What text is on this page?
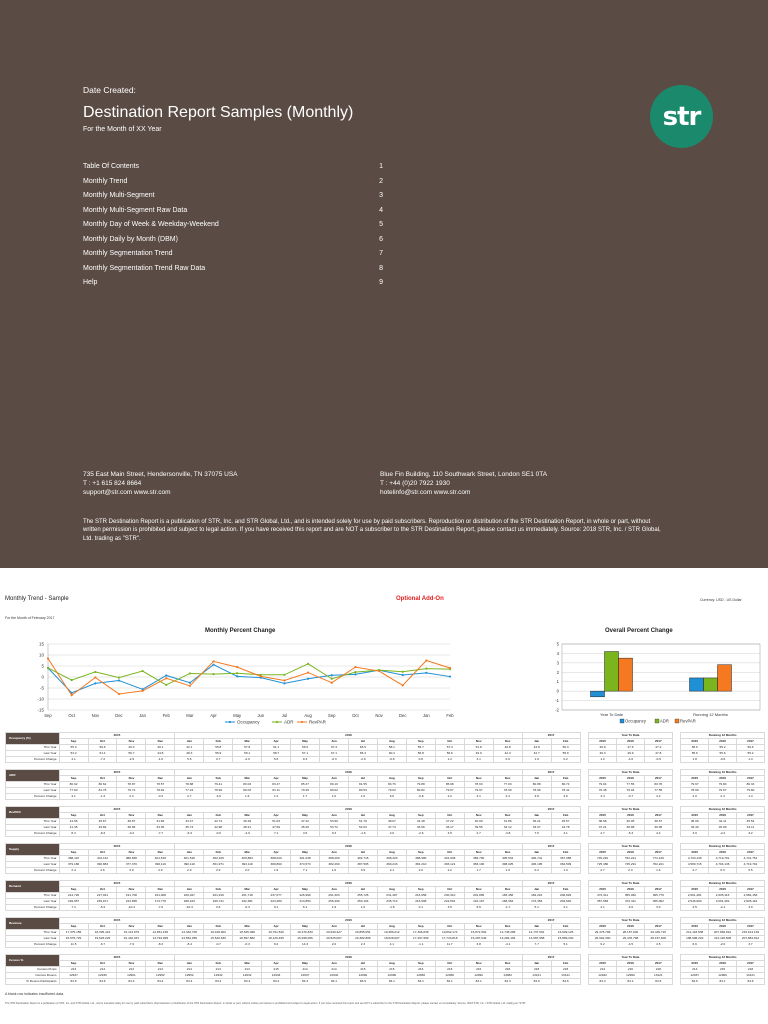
Date Created:
Destination Report Samples (Monthly)
For the Month of XX Year	str
Table Of Contents	1
Monthly Trend	2
Monthly Multi-Segment	3
Monthly Multi-Segment Raw Data	4
Monthly Day of Week & Weekday-Weekend	5
Monthly Daily by Month (DBM)	6
Monthly Segmentation Trend	7
Monthly Segmentation Trend Raw Data	8
Help	9
735 East Main Street, Hendersonville, TN 37075 USA
T : +1 615 824 8664
support@str.com www.str.com
Blue Fin Building, 110 Southwark Street, London SE1 0TA
T : +44 (0)20 7922 1930
hotelinfo@str.com www.str.com
The STR Destination Report is a publication of STR, Inc. and STR Global, Ltd., and is intended solely for use by paid subscribers. Reproduction or distribution of the STR Destination Report, in whole or part, without written permission is prohibited and subject to legal action. If you have received this report and are NOT a subscriber to the STR Destination Report, please contact us immediately. Source: 2018 STR, Inc. / STR Global, Ltd. trading as "STR".
Monthly Trend - Sample	Optional Add-On	Currency: USD - US Dollar
For the Month of February 2017
Monthly Percent Change	Overall Percent Change
15
10
5
0
-5
-10
-15
Sep	Oct	Nov	Dec	Jan	Feb	Mar	Apr	May	Jun	Jul	Aug	Sep	Oct	Nov	Dec	Jan	Feb
Occupancy	ADR	RevPAR
5
4
3
2
1
0
-1
-2
Year To Date	Running 12 Months
Occupancy	ADR	RevPAR
Occupancy (%)	2015				2016												2017			Year To Date				Running 12 Months		
	Sep	Oct	Nov	Dec	Jan	Feb	Mar	Apr	May	Jun	Jul	Aug	Sep	Oct	Nov	Dec	Jan	Feb		2015	2016	2017		2015	2016	2017
This Year	55.3	56.6	49.3	40.1	42.1	55.8	57.8	61.1	56.6	67.3	63.5	58.1	55.7	57.3	51.8	40.8	44.8	56.3		49.9	47.6	47.2		56.6	55.2	56.6
Last Year	53.2	61.4	56.7	44.8	48.3	55.9	59.1	58.7	57.1	67.1	65.3	60.4	56.8	56.6	49.9	42.3	42.7	55.9		49.3	49.9	47.8		55.6	55.6	55.2
Percent Change	4.1	-7.2	-2.9	-1.6	5.6	0.7	-2.6	5.6	0.3	-0.3	-2.9	-0.8	0.8	1.2	3.1	0.9	1.9	0.2		1.2	-4.6	-0.6		1.8	-0.6	1.4
ADR	2015				2016												2017			Year To Date				Running 12 Months		
	Sep	Oct	Nov	Dec	Jan	Feb	Mar	Apr	May	Jun	Jul	Aug	Sep	Oct	Nov	Dec	Jan	Feb		2015	2016	2017		2015	2016	2017
This Year	80.92	80.62	78.87	78.57	78.88	76.41	80.03	83.47	85.37	80.10	81.55	83.76	79.88	85.98	78.63	77.03	80.88	80.74		79.04	77.55	80.78		79.67	79.80	80.33
Last Year	77.90	81.78	76.72	78.92	77.24	78.99	80.03	81.11	79.25	80.02	80.53	79.03	80.82	79.67	79.97	78.90	78.96	78.41		76.48	79.04	77.55		78.09	79.67	79.80
Percent Change	4.1	-1.4	2.3	-0.3	2.7	-3.6	1.6	1.3	1.7	1.0	1.0	6.0	-0.8	2.2	3.1	2.4	3.8	3.6		3.4	-0.7	4.2		2.0	2.4	1.4
RevPAR	2015				2016												2017			Year To Date				Running 12 Months		
	Sep	Oct	Nov	Dec	Jan	Feb	Mar	Apr	May	Jun	Jul	Aug	Sep	Oct	Nov	Dec	Jan	Feb		2015	2016	2017		2015	2016	2017
This Year	44.96	45.67	38.87	31.69	33.47	42.74	46.29	51.03	47.22	53.90	51.79	48.67	44.48	47.22	40.60	31.86	36.21	45.57		38.98	36.95	38.57		45.09	44.11	45.54
Last Year	41.45	49.82	38.96	34.35	35.73	42.98	48.21	47.69	45.20	53.72	52.63	47.74	45.66	45.17	39.55	33.12	33.67	43.78		37.21	38.98	36.95		43.40	45.09	44.11
Percent Change	8.4	-8.3	-0.2	-7.7	-6.3	-0.6	-4.0	7.1	4.5	0.3	-1.6	2.0	-2.6	4.5	2.7	-3.8	7.5	4.1		4.7	-5.3	4.4		3.9	-2.2	3.2
Supply	2015				2016												2017			Year To Date				Running 12 Months		
	Sep	Oct	Nov	Dec	Jan	Feb	Mar	Apr	May	Jun	Jul	Aug	Sep	Oct	Nov	Dec	Jan	Feb		2015	2016	2017		2015	2016	2017
This Year	388,110	401,112	388,830	401,518	401,518	362,105	400,884	388,020	401,048	388,260	402,715	398,429	388,980	401,938	389,700	405,534	406,741	367,388		745,291	762,221	774,129		4,704,136	4,719,791	4,741,751
Last Year	379,180	390,883	377,370	390,119	390,119	351,971	393,119	380,890	374,573	382,260	387,565	390,243	381,210	393,121	383,100	398,025	406,105	362,509		725,380	745,291	762,221		4,580,715	4,704,136	4,719,791
Percent Change	2.4	2.6	3.0	2.9	2.9	2.9	2.0	1.9	7.1	1.6	3.9	2.1	2.0	2.2	1.7	1.9	0.2	1.3		2.7	2.3	1.6		2.7	0.3	0.5
Demand	2015				2016												2017			Year To Date				Running 12 Months		
	Sep	Oct	Nov	Dec	Jan	Feb	Mar	Apr	May	Jun	Jul	Aug	Sep	Oct	Nov	Dec	Jan	Feb		2015	2016	2017		2015	2016	2017
This Year	214,726	227,041	191,700	161,008	169,027	201,916	231,718	237,077	226,990	261,303	255,726	231,487	216,658	230,310	201,865	165,456	182,216	206,829		372,311	355,062	365,779		2,661,481	2,605,116	2,684,156
Last Year	199,957	239,971	213,895	174,778	188,423	196,741	232,381	223,480	213,853	256,499	253,104	235,710	216,508	222,591	191,167	168,364	173,353	202,640		357,583	372,311	355,062		2,546,993	2,661,481	2,605,116
Percent Change	7.4	-5.4	-10.4	-7.9	-10.3	2.6	-0.3	6.1	6.1	1.9	1.0	-1.8	0.1	3.5	5.6	-1.7	5.1	2.1		4.1	-4.6	3.0		4.5	-2.1	3.0
Revenue	2015				2016												2017			Year To Date				Running 12 Months		
	Sep	Oct	Nov	Dec	Jan	Feb	Mar	Apr	May	Jun	Jul	Aug	Sep	Oct	Nov	Dec	Jan	Feb		2015	2016	2017		2015	2016	2017
This Year	17,375,155	18,305,419	15,113,979	12,651,165	13,332,706	15,428,902	18,545,098	19,791,526	19,376,833	20,930,427	20,855,051	19,389,212	17,306,838	19,802,174	15,872,592	12,745,286	14,737,591	16,699,125		29,478,798	28,157,600	29,436,715		212,118,508	207,884,812	215,614,139
Last Year	15,576,729	19,626,226	16,410,047	13,794,099	14,554,059	15,540,630	18,597,882	18,126,495	16,948,006	20,525,067	20,382,806	18,628,007	17,497,959	17,733,818	15,287,649	13,284,164	13,687,958	15,889,330		26,992,300	29,478,798	28,157,600		198,908,220	212,118,508	207,884,812
Percent Change	11.5	-6.7	-7.9	-8.3	-8.4	-0.7	-0.3	9.2	14.3	2.0	2.3	4.1	-1.1	11.7	3.8	-4.1	7.7	5.1		9.2	-4.5	4.5		6.6	-2.0	3.7
Census %	2015				2016												2017			Year To Date				Running 12 Months		
	Sep	Oct	Nov	Dec	Jan	Feb	Mar	Apr	May	Jun	Jul	Aug	Sep	Oct	Nov	Dec	Jan	Feb		2015	2016	2017		2015	2016	2017
Census Props	213	214	213	214	214	214	214	215	214	214	215	215	216	216	216	218	218	218		214	216	218		213	215	218
Census Rooms	12937	12939	12961	12952	12952	12932	12932	12934	12937	12942	12990	12996	12966	12966	12990	13082	13121	13121		12942	12990	13121		12937	12966	13121
% Rooms Participants	84.6	84.6	84.4	84.4	84.4	84.4	84.4	84.4	84.3	84.1	83.9	84.1	84.1	84.1	84.1	84.3	84.6	84.6		84.4	84.1	84.6		84.6	84.1	84.6
A blank row indicates insufficient data.
The STR Destination Report is a publication of STR, Inc. and STR Global, Ltd., and is intended solely for use by paid subscribers. Reproduction or distribution of the STR Destination Report, in whole or part, without written permission is prohibited and subject to legal action. If you have received this report and are NOT a subscriber to the STR Destination Report, please contact us immediately. Source: 2018 STR, Inc. / STR Global, Ltd. trading as "STR".
